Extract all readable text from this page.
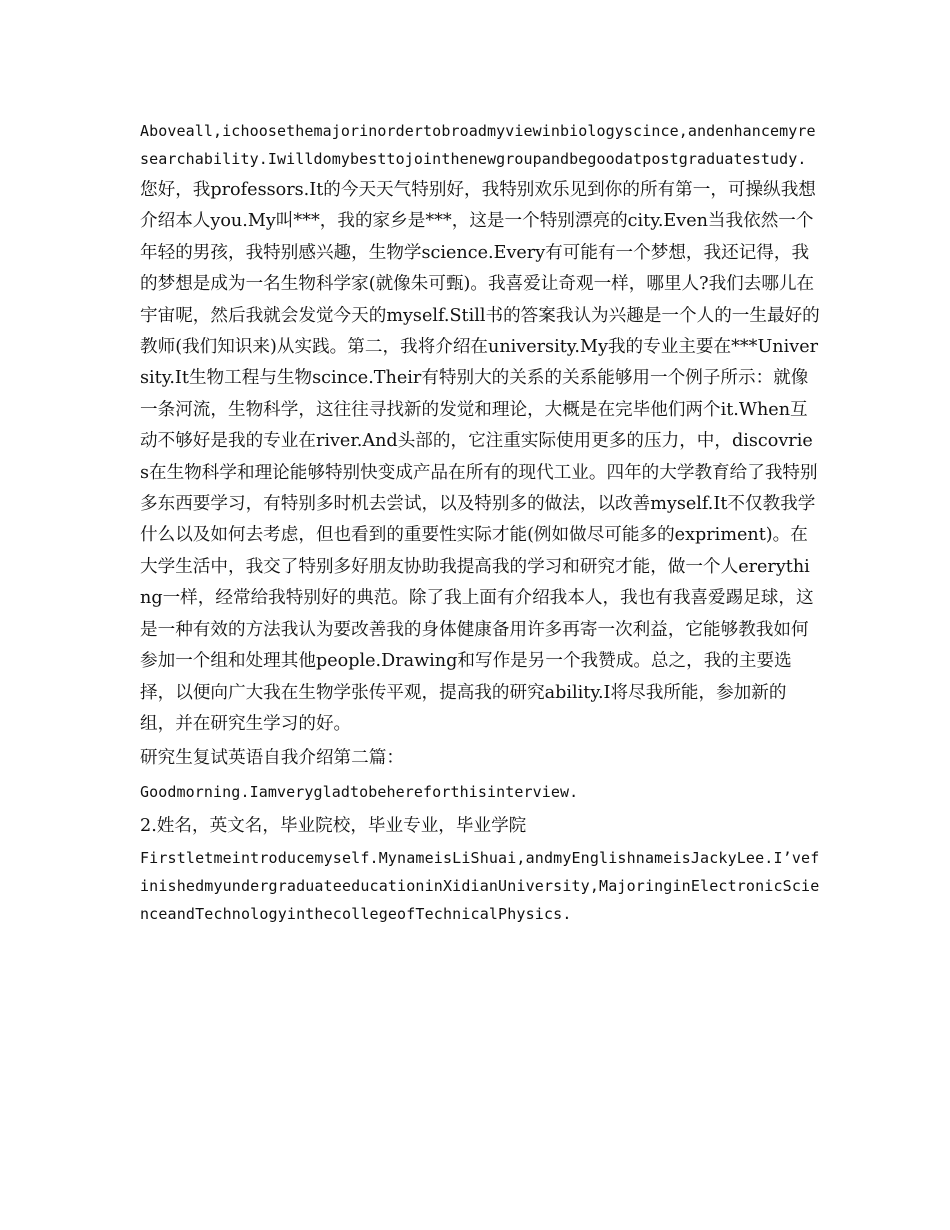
Aboveall,ichoosethemajorinordertobroadmyviewinbiologyscince,andenhancemyresearchability.Iwilldomybesttojointhenewgroupandbegoodatpostgraduatestudy.

您好，我professors.It的今天天气特别好，我特别欢乐见到你的所有第一，可操纵我想介绍本人you.My叫***，我的家乡是***，这是一个特别漂亮的city.Even当我依然一个年轻的男孩，我特别感兴趣，生物学science.Every有可能有一个梦想，我还记得，我的梦想是成为一名生物科学家(就像朱可甄)。我喜爱让奇观一样，哪里人?我们去哪儿在宇宙呢，然后我就会发觉今天的myself.Still书的答案我认为兴趣是一个人的一生最好的教师(我们知识来)从实践。第二，我将介绍在university.My我的专业主要在***University.It生物工程与生物scince.Their有特别大的关系的关系能够用一个例子所示：就像一条河流，生物科学，这往往寻找新的发觉和理论，大概是在完毕他们两个it.When互动不够好是我的专业在river.And头部的，它注重实际使用更多的压力，中，discovries在生物科学和理论能够特别快变成产品在所有的现代工业。四年的大学教育给了我特别多东西要学习，有特别多时机去尝试，以及特别多的做法，以改善myself.It不仅教我学什么以及如何去考虑，但也看到的重要性实际才能(例如做尽可能多的expriment)。在大学生活中，我交了特别多好朋友协助我提高我的学习和研究才能，做一个人ererything一样，经常给我特别好的典范。除了我上面有介绍我本人，我也有我喜爱踢足球，这是一种有效的方法我认为要改善我的身体健康备用许多再寄一次利益，它能够教我如何参加一个组和处理其他people.Drawing和写作是另一个我赞成。总之，我的主要选择，以便向广大我在生物学张传平观，提高我的研究ability.I将尽我所能，参加新的组，并在研究生学习的好。

研究生复试英语自我介绍第二篇：

Goodmorning.Iamverygladtobehereforthisinterview.

2.姓名，英文名，毕业院校，毕业专业，毕业学院

Firstletmeintroducemyself.MynameisLiShuai,andmyEnglishnameisJackyLee.I’vefinishedmyundergraduateeducationinXidianUniversity,MajoringinElectronicScienceandTechnologyinthecollegeofTechnicalPhysics.
